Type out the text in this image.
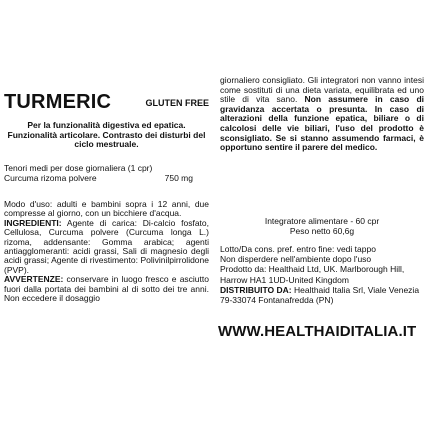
TURMERIC	GLUTEN FREE
Per la funzionalità digestiva ed epatica. Funzionalità articolare. Contrasto dei disturbi del ciclo mestruale.
Tenori medi per dose giornaliera (1 cpr)
Curcuma rizoma polvere	750 mg

Modo d'uso: adulti e bambini sopra i 12 anni, due compresse al giorno, con un bicchiere d'acqua.

INGREDIENTI: Agente di carica: Di-calcio fosfato, Cellulosa, Curcuma polvere (Curcuma longa L.) rizoma, addensante: Gomma arabica; agenti antiagglomeranti: acidi grassi, Sali di magnesio degli acidi grassi; Agente di rivestimento: Polivinilpirrolidone (PVP).

AVVERTENZE: conservare in luogo fresco e asciutto fuori dalla portata dei bambini al di sotto dei tre anni. Non eccedere il dosaggio

giornaliero consigliato. Gli integratori non vanno intesi come sostituti di una dieta variata, equilibrata ed uno stile di vita sano. Non assumere in caso di gravidanza accertata o presunta. In caso di alterazioni della funzione epatica, biliare o di calcolosi delle vie biliari, l'uso del prodotto è sconsigliato. Se si stanno assumendo farmaci, è opportuno sentire il parere del medico.
Integratore alimentare - 60 cpr
Peso netto 60,6g
Lotto/Da cons. pref. entro fine: vedi tappo
Non disperdere nell'ambiente dopo l'uso
Prodotto da: Healthaid Ltd, UK. Marlborough Hill, Harrow HA1 1UD-United Kingdom
DISTRIBUITO DA: Healthaid Italia Srl, Viale Venezia 79-33074 Fontanafredda (PN)
WWW.HEALTHAIDITALIA.IT
